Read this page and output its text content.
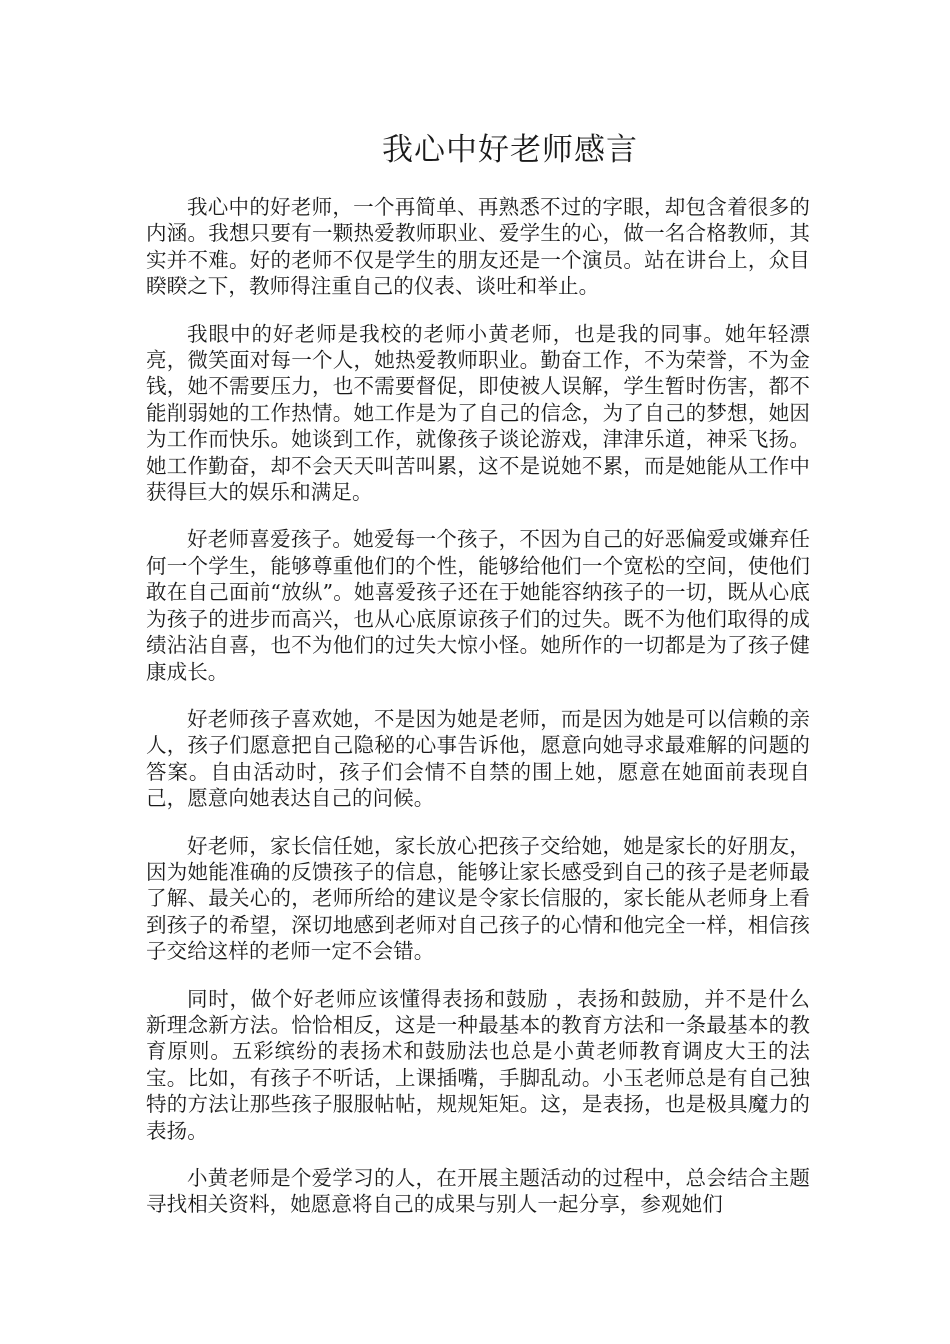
我心中好老师感言

我心中的好老师，一个再简单、再熟悉不过的字眼，却包含着很多的内涵。我想只要有一颗热爱教师职业、爱学生的心，做一名合格教师，其实并不难。好的老师不仅是学生的朋友还是一个演员。站在讲台上，众目睽睽之下，教师得注重自己的仪表、谈吐和举止。

我眼中的好老师是我校的老师小黄老师，也是我的同事。她年轻漂亮，微笑面对每一个人，她热爱教师职业。勤奋工作，不为荣誉，不为金钱，她不需要压力，也不需要督促，即使被人误解，学生暂时伤害，都不能削弱她的工作热情。她工作是为了自己的信念，为了自己的梦想，她因为工作而快乐。她谈到工作，就像孩子谈论游戏，津津乐道，神采飞扬。她工作勤奋，却不会天天叫苦叫累，这不是说她不累，而是她能从工作中获得巨大的娱乐和满足。

好老师喜爱孩子。她爱每一个孩子，不因为自己的好恶偏爱或嫌弃任何一个学生，能够尊重他们的个性，能够给他们一个宽松的空间，使他们敢在自己面前“放纵”。她喜爱孩子还在于她能容纳孩子的一切，既从心底为孩子的进步而高兴，也从心底原谅孩子们的过失。既不为他们取得的成绩沾沾自喜，也不为他们的过失大惊小怪。她所作的一切都是为了孩子健康成长。

好老师孩子喜欢她，不是因为她是老师，而是因为她是可以信赖的亲人，孩子们愿意把自己隐秘的心事告诉他，愿意向她寻求最难解的问题的答案。自由活动时，孩子们会情不自禁的围上她，愿意在她面前表现自己，愿意向她表达自己的问候。

好老师，家长信任她，家长放心把孩子交给她，她是家长的好朋友，因为她能准确的反馈孩子的信息，能够让家长感受到自己的孩子是老师最了解、最关心的，老师所给的建议是令家长信服的，家长能从老师身上看到孩子的希望，深切地感到老师对自己孩子的心情和他完全一样，相信孩子交给这样的老师一定不会错。

同时，做个好老师应该懂得表扬和鼓励 ，表扬和鼓励，并不是什么新理念新方法。恰恰相反，这是一种最基本的教育方法和一条最基本的教育原则。五彩缤纷的表扬术和鼓励法也总是小黄老师教育调皮大王的法宝。比如，有孩子不听话，上课插嘴，手脚乱动。小玉老师总是有自己独特的方法让那些孩子服服帖帖，规规矩矩。这，是表扬，也是极具魔力的表扬。

小黄老师是个爱学习的人，在开展主题活动的过程中，总会结合主题寻找相关资料，她愿意将自己的成果与别人一起分享，参观她们
